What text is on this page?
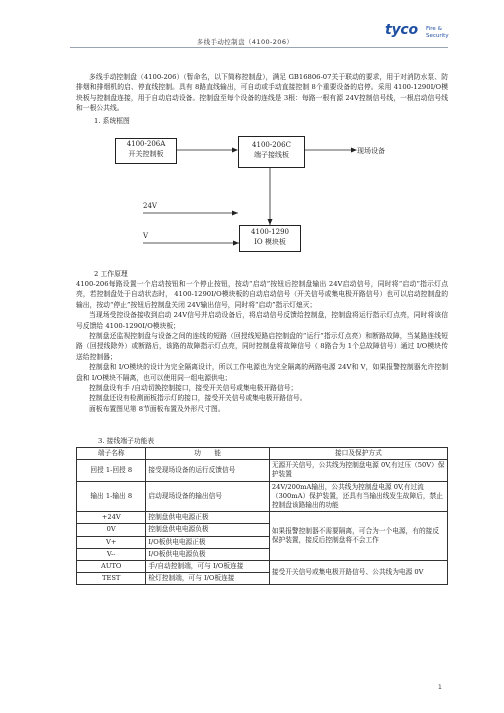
tyco Fire &
Security
多线手动控制盘（4100-206）
多线手动控制盘（4100-206）（暂命名，以下简称控制盘），满足 GB16806-07关于联动的要求，用于对消防水泵、防排烟和排烟机的启、停直线控制。具有 8路直线输出，可自动或手动直接控制 8个重要设备的启停。采用 4100-1290I/O模块板与控制盘连接，用于自动启动设备。控制盘至每个设备的连线是 3根：每路一根有源 24V控制信号线，一根启动信号线和一根公共线。
1. 系统框图
4100-206A
开关控制板
4100-206C
端子接线板
4100-1290
IO 模块板
现场设备
24V
V
2 工作原理

4100-206每路设置一个启动按钮和一个停止按钮，按动“启动”按钮后控制盘输出 24V启动信号，同时将“启动”指示灯点亮，若控制盘处于自动状态时， 4100-1290I/O模块板的自动启动信号（开关信号或集电极开路信号）也可以启动控制盘的输出，按动“停止”按钮后控制盘关闭 24V输出信号，同时将“启动”指示灯熄灭；

当现场受控设备接收到启动 24V信号并启动设备后，将启动信号反馈给控制盘，控制盘将运行指示灯点亮，同时将该信号反馈给 4100-1290I/O模块板；

控制盘还监视控制盘与设备之间的连线的短路（回授线短路启控制盘的“运行”指示灯点亮）和断路故障，当某路连线短路（回授线除外）或断路后，该路的故障指示灯点亮，同时控制盘将故障信号（ 8路合为 1个总故障信号）通过 I/O模块传送给控制器；

控制盘和 I/O模块的设计为完全隔离设计，所以工作电源也为完全隔离的两路电源 24V和 V，如果报警控制器允许控制盘和 I/O模块不隔离，也可以使用同一组电源供电；

控制盘设有手 /自动切换控制接口，接受开关信号或集电极开路信号；

控制盘还设有检测面板指示灯的接口，接受开关信号或集电极开路信号。

面板布置图见第 8节面板布置及外形尺寸图。

3. 接线端子功能表
端子名称	功　　能	接口及保护方式
回授 1-回授 8	接受现场设备的运行反馈信号	无源开关信号，公共线为控制盘电源 0V,有过压（50V）保护装置
输出 1-输出 8	启动现场设备的输出信号	24V/200mA输出，公共线为控制盘电源 0V,有过流（300mA）保护装置，还具有当输出线发生故障后，禁止控制盘该路输出的功能
+24V	控制盘供电电源正极	如果报警控制器不需要隔离，可合为一个电源，有的接反保护装置，接反后控制盘将不会工作
0V	控制盘供电电源负极	
V+	I/O板供电电源正极	
V--	I/O板供电电源负极	
AUTO	手/自动控制端，可与 I/O板连接	接受开关信号或集电极开路信号、公共线为电源 0V
TEST	检灯控制端，可与 I/O板连接	
1
